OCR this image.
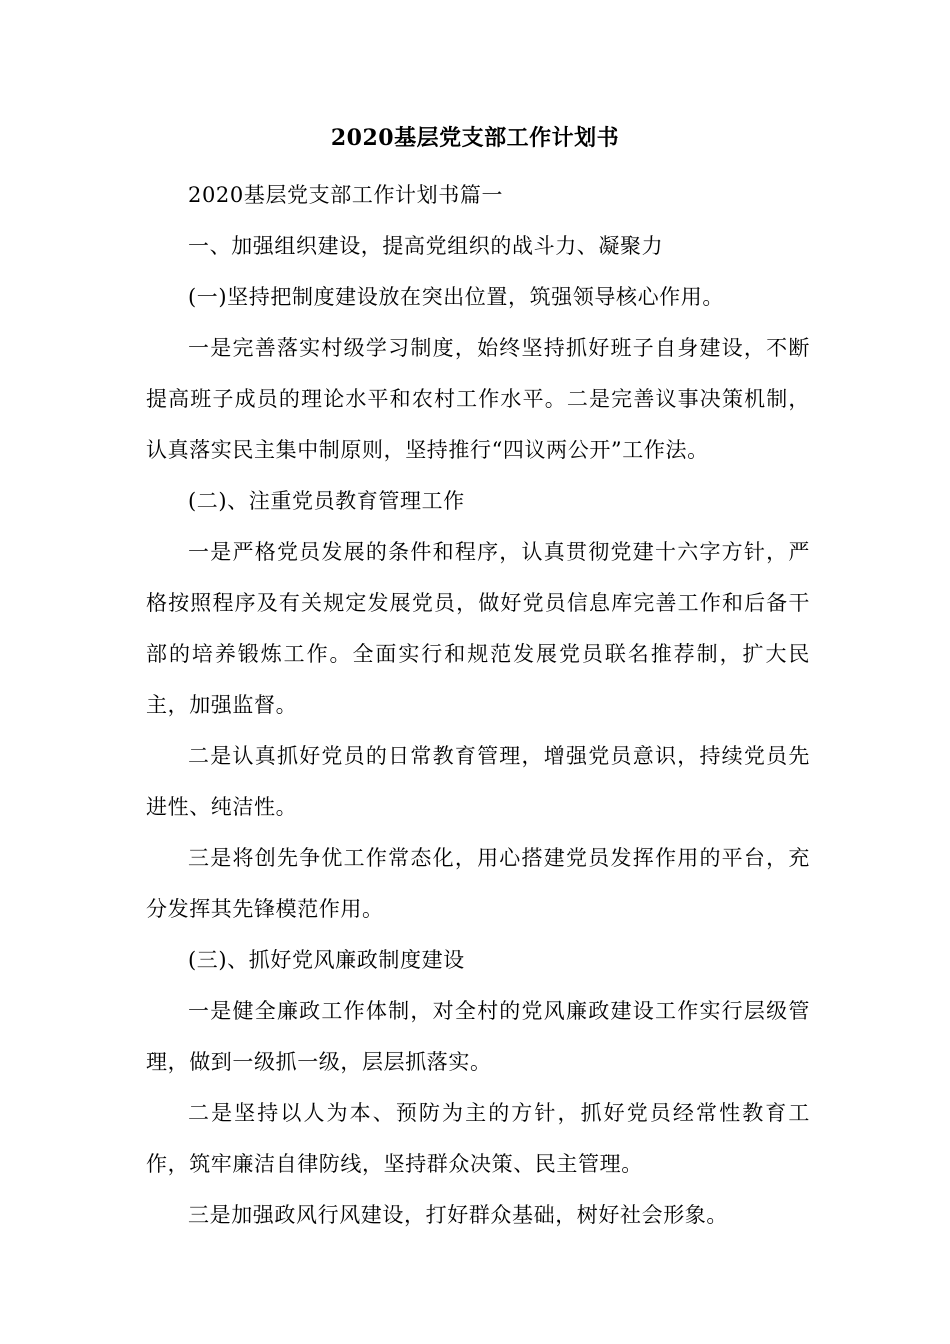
2020基层党支部工作计划书

2020基层党支部工作计划书篇一

一、加强组织建设，提高党组织的战斗力、凝聚力

(一)坚持把制度建设放在突出位置，筑强领导核心作用。

一是完善落实村级学习制度，始终坚持抓好班子自身建设，不断提高班子成员的理论水平和农村工作水平。二是完善议事决策机制，认真落实民主集中制原则，坚持推行“四议两公开”工作法。

(二)、注重党员教育管理工作

一是严格党员发展的条件和程序，认真贯彻党建十六字方针，严格按照程序及有关规定发展党员，做好党员信息库完善工作和后备干部的培养锻炼工作。全面实行和规范发展党员联名推荐制，扩大民主，加强监督。

二是认真抓好党员的日常教育管理，增强党员意识，持续党员先进性、纯洁性。

三是将创先争优工作常态化，用心搭建党员发挥作用的平台，充分发挥其先锋模范作用。

(三)、抓好党风廉政制度建设

一是健全廉政工作体制，对全村的党风廉政建设工作实行层级管理，做到一级抓一级，层层抓落实。

二是坚持以人为本、预防为主的方针，抓好党员经常性教育工作，筑牢廉洁自律防线，坚持群众决策、民主管理。

三是加强政风行风建设，打好群众基础，树好社会形象。
